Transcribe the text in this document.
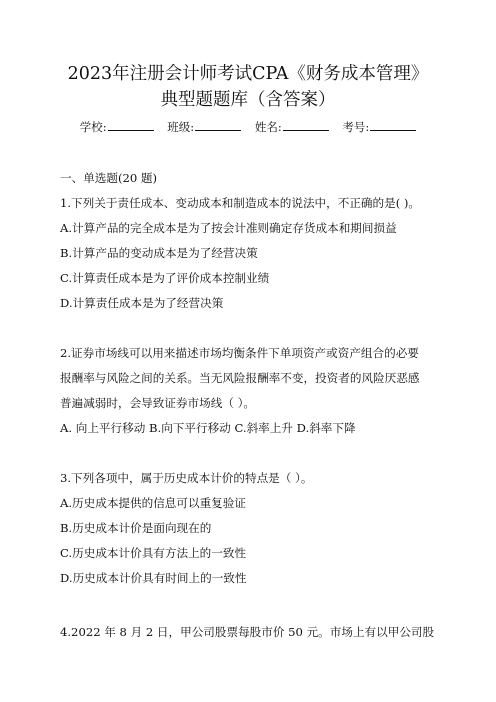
2023年注册会计师考试CPA《财务成本管理》
典型题题库（含答案）
学校:	班级:	姓名:	考号:
一、单选题(20 题)
1.下列关于责任成本、变动成本和制造成本的说法中，不正确的是( )。
A.计算产品的完全成本是为了按会计准则确定存货成本和期间损益
B.计算产品的变动成本是为了经营决策
C.计算责任成本是为了评价成本控制业绩
D.计算责任成本是为了经营决策
2.证券市场线可以用来描述市场均衡条件下单项资产或资产组合的必要
报酬率与风险之间的关系。当无风险报酬率不变，投资者的风险厌恶感
普遍减弱时，会导致证券市场线（ ）。
A. 向上平行移动 B.向下平行移动 C.斜率上升 D.斜率下降
3.下列各项中，属于历史成本计价的特点是（ ）。
A.历史成本提供的信息可以重复验证
B.历史成本计价是面向现在的
C.历史成本计价具有方法上的一致性
D.历史成本计价具有时间上的一致性
4.2022 年 8 月 2 日，甲公司股票每股市价 50 元。市场上有以甲公司股
